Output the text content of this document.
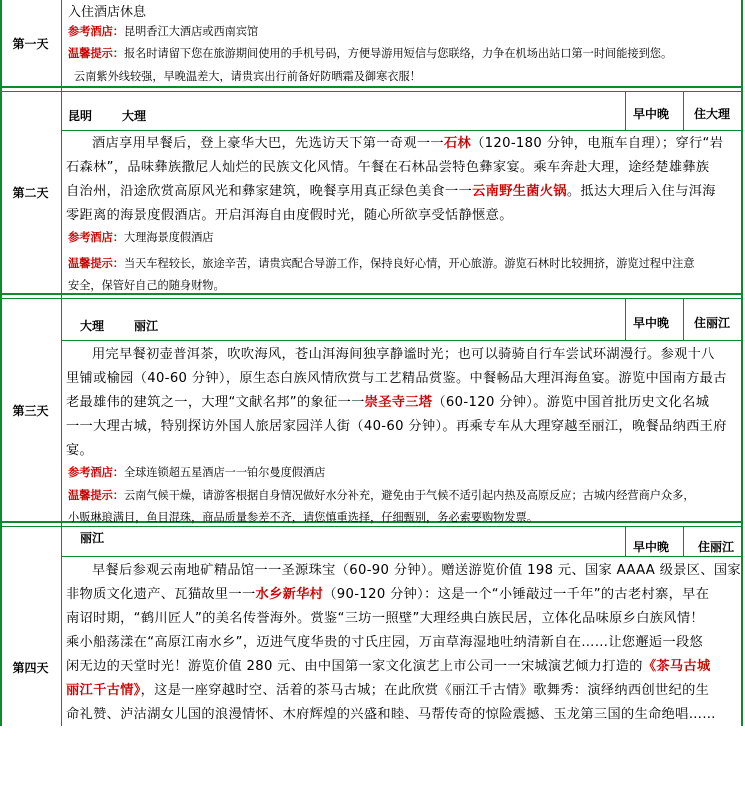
第一天
入住酒店休息
参考酒店：昆明香江大酒店或西南宾馆
温馨提示：报名时请留下您在旅游期间使用的手机号码，方便导游用短信与您联络，力争在机场出站口第一时间能接到您。
云南紫外线较强，早晚温差大，请贵宾出行前备好防晒霜及御寒衣服！
第二天
昆明 大理	早中晚 住大理
酒店享用早餐后，登上豪华大巴，先选访天下第一奇观一一石林（120-180 分钟，电瓶车自理）；穿行“岩
石森林”，品味彝族撒尼人灿烂的民族文化风情。午餐在石林品尝特色彝家宴。乘车奔赴大理，途经楚雄彝族
自治州，沿途欣赏高原风光和彝家建筑，晚餐享用真正绿色美食一一云南野生菌火锅。抵达大理后入住与洱海
零距离的海景度假酒店。开启洱海自由度假时光，随心所欲享受恬静惬意。
参考酒店：大理海景度假酒店
温馨提示：当天车程较长，旅途辛苦，请贵宾配合导游工作，保持良好心情，开心旅游。游览石林时比较拥挤，游览过程中注意
安全，保管好自己的随身财物。
第三天
大理 丽江	早中晚 住丽江
用完早餐初壶普洱茶，吹吹海风，苍山洱海间独享静谧时光；也可以骑骑自行车尝试环湖漫行。参观十八
里铺或榆园（40-60 分钟），原生态白族风情欣赏与工艺精品赏鉴。中餐畅品大理洱海鱼宴。游览中国南方最古
老最雄伟的建筑之一，大理“文献名邦”的象征一一崇圣寺三塔（60-120 分钟）。游览中国首批历史文化名城
一一大理古城，特别探访外国人旅居家园洋人街（40-60 分钟）。再乘专车从大理穿越至丽江，晚餐品纳西王府
宴。
参考酒店：全球连锁超五星酒店一一铂尔曼度假酒店
温馨提示：云南气候干燥，请游客根据自身情况做好水分补充，避免由于气候不适引起内热及高原反应；古城内经营商户众多，
小贩琳琅满目，鱼目混珠，商品质量参差不齐，请您慎重选择，仔细甄别，务必索要购物发票。
第四天
丽江
早中晚 住丽江
早餐后参观云南地矿精品馆一一圣源珠宝（60-90 分钟）。赠送游览价值 198 元、国家 AAAA 级景区、国家
非物质文化遗产、瓦猫故里一一水乡新华村（90-120 分钟）：这是一个“小锤敲过一千年”的古老村寨，早在
南诏时期，“鹤川匠人”的美名传誉海外。赏鉴“三坊一照壁”大理经典白族民居，立体化品味原乡白族风情！
乘小船荡漾在“高原江南水乡”，迈进气度华贵的寸氏庄园，万亩草海湿地吐纳清新自在……让您邂逅一段悠
闲无边的天堂时光！游览价值 280 元、由中国第一家文化演艺上市公司一一宋城演艺倾力打造的《茶马古城
丽江千古情》，这是一座穿越时空、活着的茶马古城；在此欣赏《丽江千古情》歌舞秀：演绎纳西创世纪的生
命礼赞、泸沽湖女儿国的浪漫情怀、木府辉煌的兴盛和睦、马帮传奇的惊险震撼、玉龙第三国的生命绝唱……
